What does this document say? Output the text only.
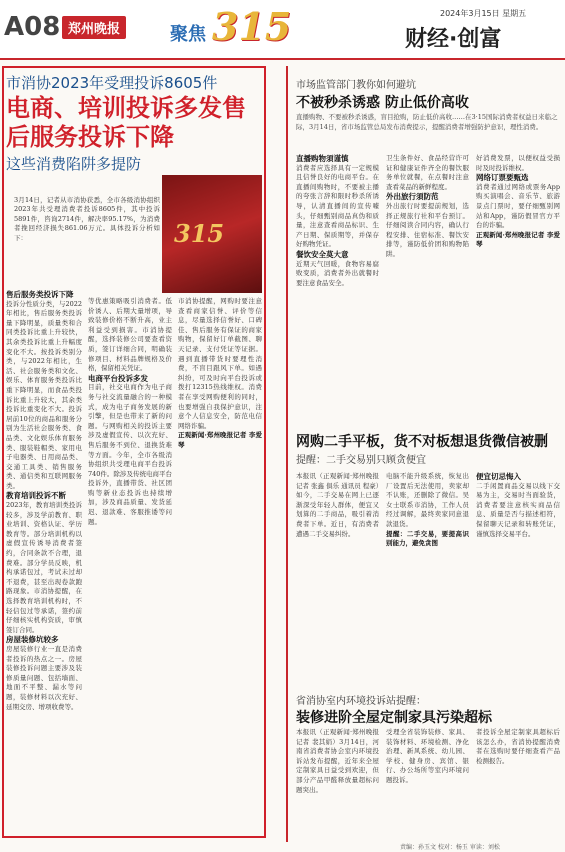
A08 郑州晚报	聚焦 315	2024年3月15日 星期五
财经·创富
市消协2023年受理投诉8605件
电商、培训投诉多发售后服务投诉下降
这些消费陷阱多提防
315
3月14日，记者从市消协获悉，全市各级消协组织2023年共受理消费者投诉8605件，其中投诉5891件，咨询2714件，解决率95.17%，为消费者挽回经济损失861.06万元。具体投诉分析如下：
售后服务类投诉下降
投诉分性质分类，与2022年相比，售后服务类投诉量下降明显，质量类和合同类投诉比重上升较快，其余类投诉比重上升幅度变化不大。按投诉类别分类，与2022年相比，生活、社会服务类和文化、娱乐、体育服务类投诉比重下降明显，而食品类投诉比重上升较大，其余类投诉比重变化不大。投诉居前10位的商品和服务分别为生活社会服务类、食品类、文化娱乐体育服务类、服装鞋帽类、家用电子电器类、日用商品类、交通工具类、销售服务类、通信类和互联网服务类。
教育培训投诉不断
2023年，教育培训类投诉较多，涉及学前教育、职业培训、资格认证、学历教育等。部分培训机构以虚假宣传诱导消费者签约，合同条款不合理，退费难。部分学员反映，机构承诺包过，考试未过却不退费，甚至出现卷款跑路现象。市消协提醒，在选择教育培训机构时，不轻信包过等承诺，签约前仔细核实机构资质，审慎签订合同。
房屋装修坑较多
房屋装修行业一直是消费者投诉的热点之一。房屋装修投诉问题主要涉及装修质量问题、包括墙面、地面不平整、漏水等问题，装修材料以次充好、延期交房、增项收费等。
等优惠策略吸引消费者。低价诱人、后期大量增项，导致装修价格不断升高，业主利益受到损害。市消协提醒，选择装修公司要查看资质，签订详细合同，明确装修项目、材料品牌规格及价格，保留相关凭证。
电商平台投诉多发
目前，社交电商作为电子商务与社交流量融合的一种模式，成为电子商务发展的新引擎，但是也带来了新的问题。与网购相关的投诉主要涉及虚假宣传、以次充好、售后服务不到位、退换货难等方面。今年，全市各级消协组织共受理电商平台投诉740件。除涉及传统电商平台投诉外，直播带货、社区团购等新业态投诉也持续增加，涉及商品质量、发货延迟、退款难、客服推诿等问题。
市消协提醒，网购时要注意查看商家信誉、评价等信息，尽量选择信誉好、口碑佳、售后服务有保证的商家购物，保留好订单截图、聊天记录、支付凭证等证据。遇到直播带货时要理性消费，不盲目跟风下单。如遇纠纷，可及时向平台投诉或拨打12315热线维权。消费者在享受网购便利的同时，也要增强自我保护意识，注意个人信息安全，防范电信网络诈骗。
正观新闻·郑州晚报记者 李爱琴
市场监管部门教你如何避坑
不被秒杀诱惑 防止低价高收
直播购物、不要被秒杀诱惑，盲目抢购，防止低价高收……在3·15国际消费者权益日来临之际，3月14日，省市场监管总局发布消费提示，提醒消费者增强防护意识，理性消费。
直播购物須谨慎
消费者应选择具有一定规模且信誉良好的电商平台。在直播间购物时，不要被主播的夸张言辞和限时秒杀所诱导，认清直播间的宣传噱头，仔细甄别商品真伪和质量，注意查看商品标识、生产日期、保质期等，并保存好购物凭证。
餐饮安全莫大意
近期天气回暖，食物容易腐败变质，消费者外出就餐时要注意食品安全。
卫生条件好、食品经营许可证和健康证件齐全的餐饮服务单位就餐，在点餐时注意查看菜品的新鲜程度。
外出旅行須防范
外出旅行时要提前规划，选择正规旅行社和平台预订。仔细阅读合同内容，确认行程安排、住宿标准、餐饮安排等，谨防低价团和购物陷阱。
好消费发票，以便权益受损时及时投诉维权。
网络订票要甄选
消费者通过网络或票务App购买演唱会、音乐节、旅游景点门票时，要仔细甄别网站和App，谨防假冒官方平台的诈骗。
正观新闻·郑州晚报记者 李爱琴
网购二手平板，货不对板想退货微信被删
提醒：二手交易别只顾贪便宜
本报讯（正观新闻·郑州晚报记者 张鑫 俱乐 通讯员 程豪）如今，二手交易在网上已逐渐深受年轻人群体，便宜又划算的二手商品，吸引着消费者下单。近日，有消费者遭遇二手交易纠纷。
电脑不能升级系统，恢复出厂设置后无法使用，卖家却不认账，还删除了微信。吴女士联系市消协，工作人员经过调解，最终卖家同意退款退货。
提醒：二手交易，要提高识别能力，避免贪图
便宜切忌悔入
二手闲置商品交易以线下交易为主，交易时当面验货，消费者要注意核实商品信息、质量是否与描述相符，保留聊天记录和转账凭证，谨慎选择交易平台。
省消协室内环境投诉站提醒：
装修进阶全屋定制家具污染超标
本报讯（正观新闻·郑州晚报记者 裴其娟）3月14日，河南省消费者协会室内环境投诉站发布提醒，近年来全屋定制家具日益受到欢迎，但部分产品甲醛释放量超标问题突出。
受理全省装饰装修、家具、装饰材料、环境检测、净化治理、新风系统、幼儿园、学校、健身房、宾馆、银行、办公场所等室内环境问题投诉。
者投诉全屋定制家具超标后该怎么办，省消协提醒消费者在选购时要仔细查看产品检测报告。
责编：孙玉文 校对：杨玉 审读：刘松
